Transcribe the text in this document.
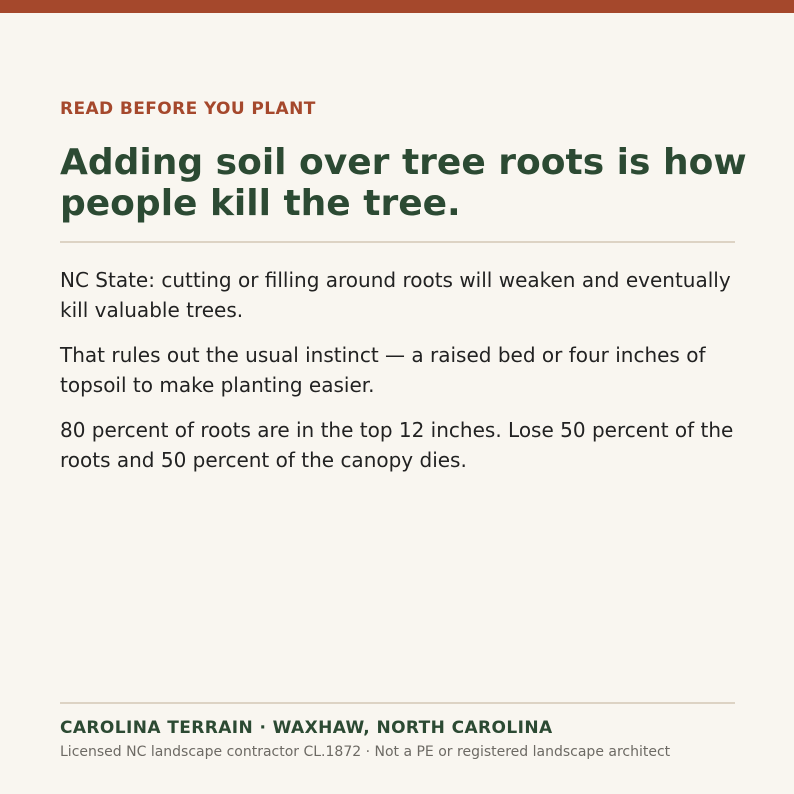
READ BEFORE YOU PLANT

Adding soil over tree roots is how people kill the tree.

NC State: cutting or filling around roots will weaken and eventually kill valuable trees.

That rules out the usual instinct — a raised bed or four inches of topsoil to make planting easier.

80 percent of roots are in the top 12 inches. Lose 50 percent of the roots and 50 percent of the canopy dies.

CAROLINA TERRAIN · WAXHAW, NORTH CAROLINA

Licensed NC landscape contractor CL.1872 · Not a PE or registered landscape architect
